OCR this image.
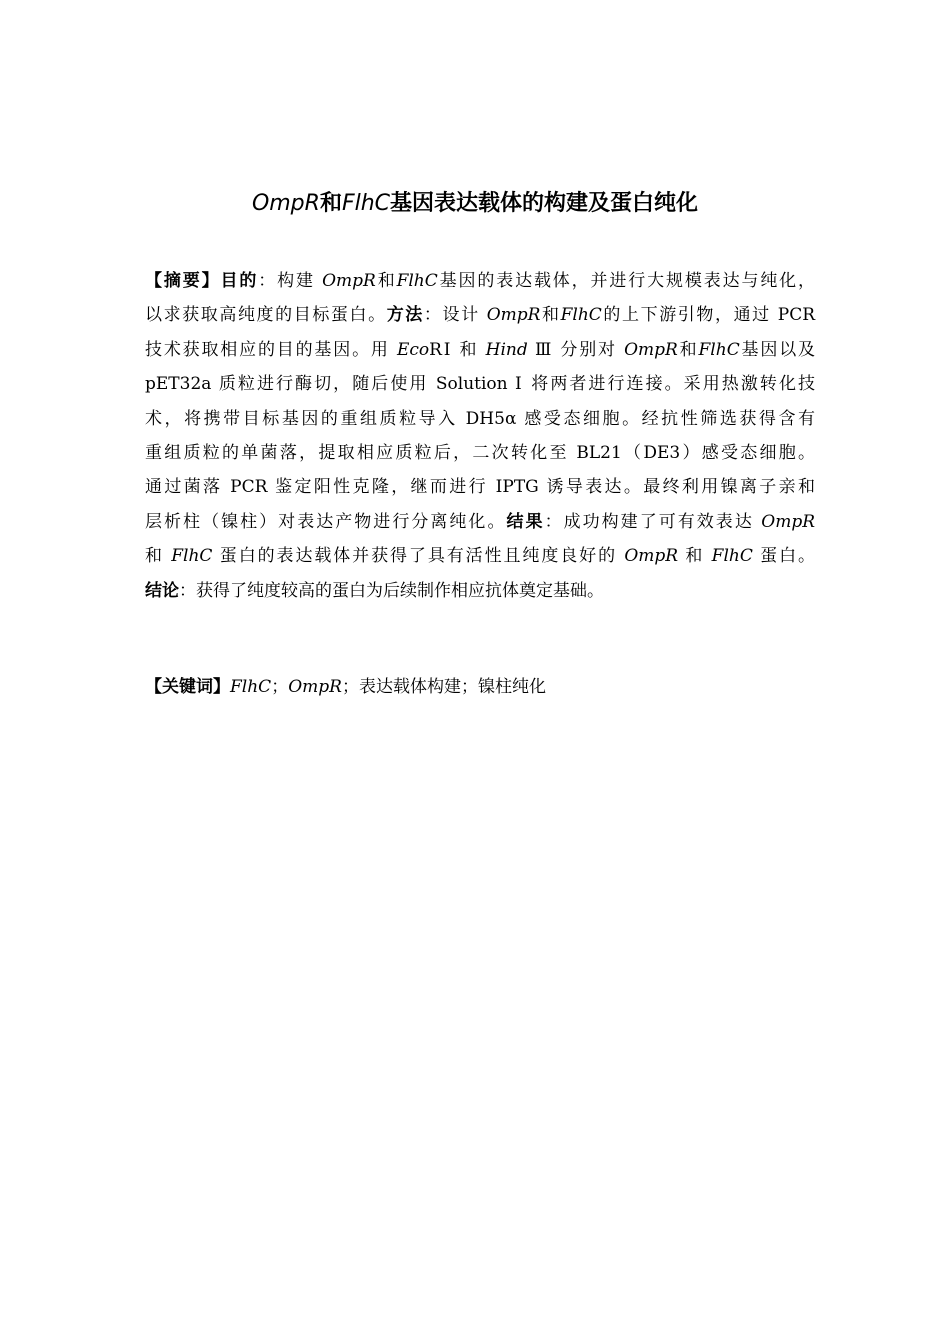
OmpR和FlhC基因表达载体的构建及蛋白纯化
【摘要】目的：构建 OmpR和FlhC基因的表达载体，并进行大规模表达与纯化，
以求获取高纯度的目标蛋白。方法：设计 OmpR和FlhC的上下游引物，通过 PCR
技术获取相应的目的基因。用 EcoRⅠ 和 Hind Ⅲ 分别对 OmpR和FlhC基因以及
pET32a 质粒进行酶切，随后使用 Solution Ⅰ 将两者进行连接。采用热激转化技
术，将携带目标基因的重组质粒导入 DH5α 感受态细胞。经抗性筛选获得含有
重组质粒的单菌落，提取相应质粒后，二次转化至 BL21（DE3）感受态细胞。
通过菌落 PCR 鉴定阳性克隆，继而进行 IPTG 诱导表达。最终利用镍离子亲和
层析柱（镍柱）对表达产物进行分离纯化。结果：成功构建了可有效表达 OmpR
和 FlhC 蛋白的表达载体并获得了具有活性且纯度良好的 OmpR 和 FlhC 蛋白。
结论：获得了纯度较高的蛋白为后续制作相应抗体奠定基础。
【关键词】FlhC；OmpR；表达载体构建；镍柱纯化
